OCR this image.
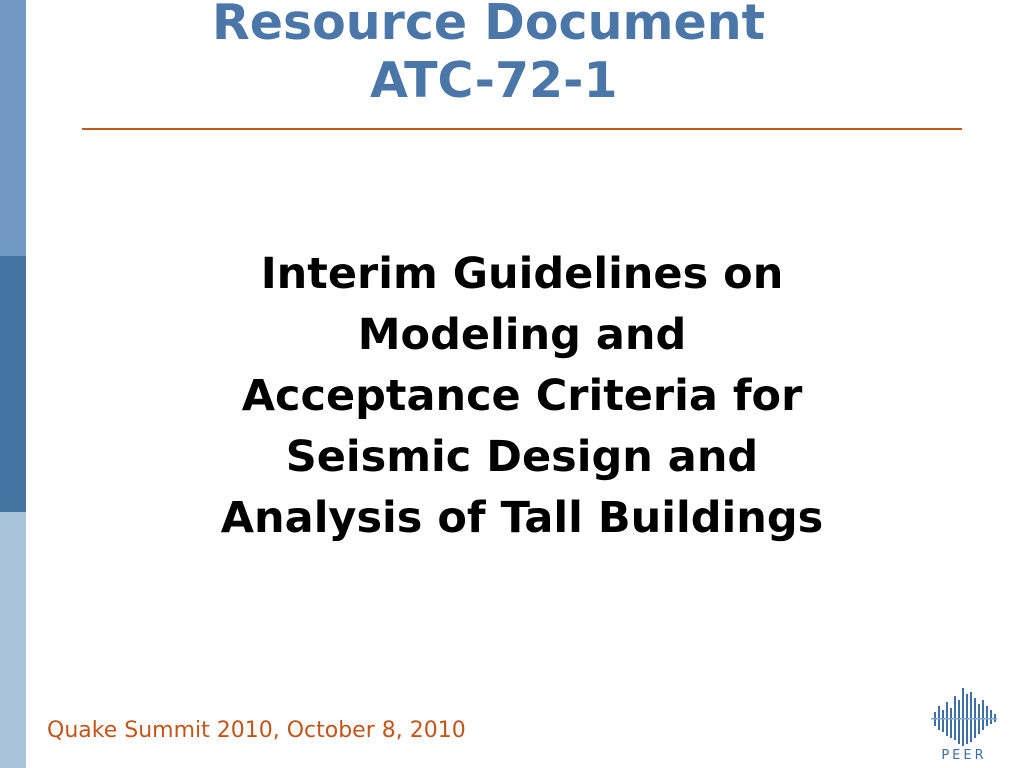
Resource Document
ATC-72-1
Interim Guidelines on
Modeling and
Acceptance Criteria for
Seismic Design and
Analysis of Tall Buildings
Quake Summit 2010, October 8, 2010
PEER
